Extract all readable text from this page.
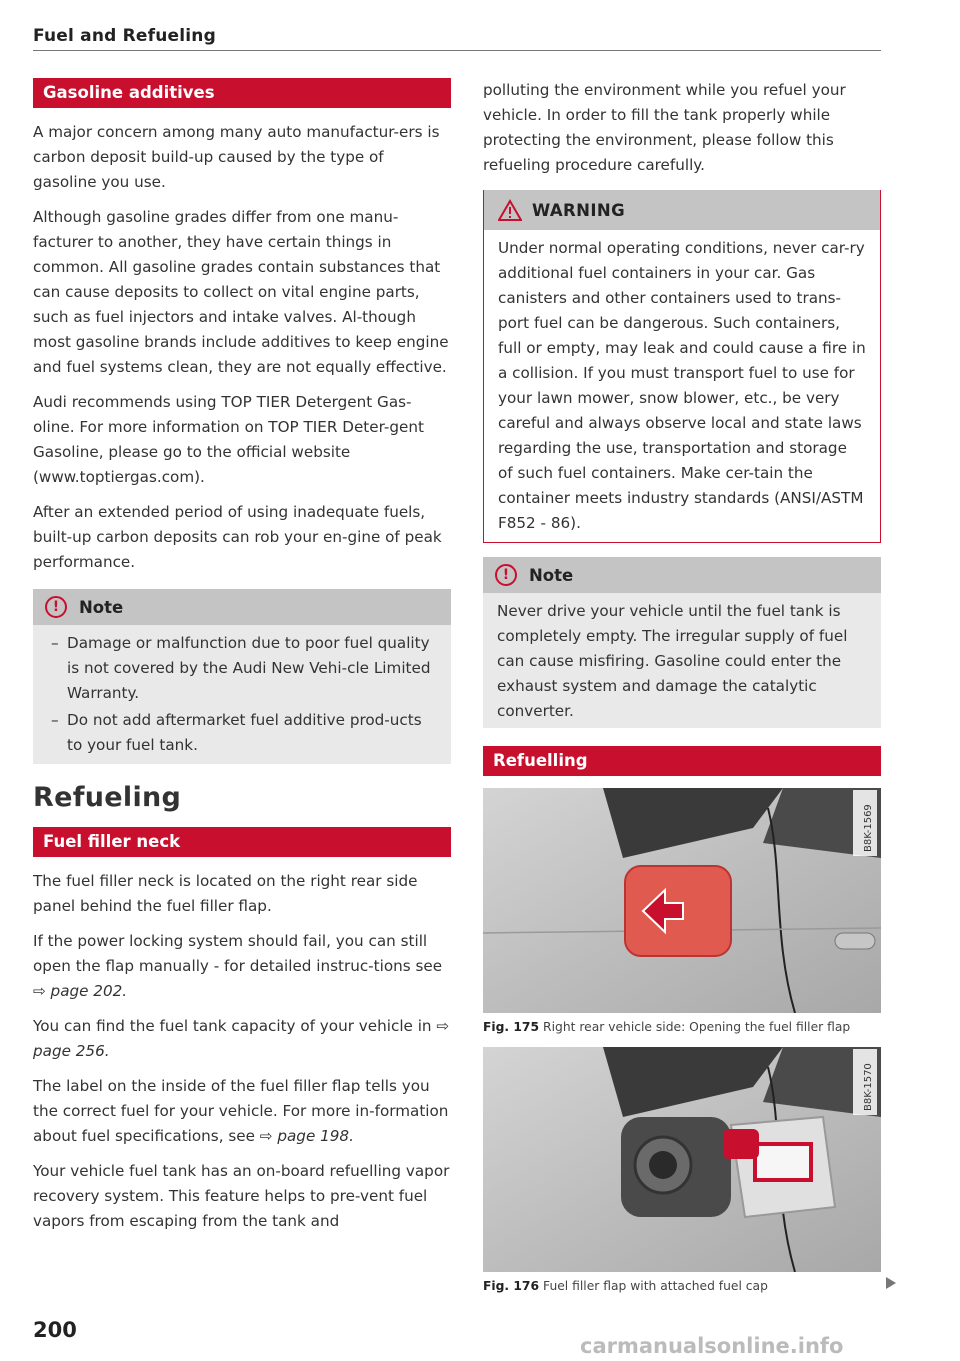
Fuel and Refueling
Gasoline additives

A major concern among many auto manufactur-ers is carbon deposit build-up caused by the type of gasoline you use.

Although gasoline grades differ from one manu-facturer to another, they have certain things in common. All gasoline grades contain substances that can cause deposits to collect on vital engine parts, such as fuel injectors and intake valves. Al-though most gasoline brands include additives to keep engine and fuel systems clean, they are not equally effective.

Audi recommends using TOP TIER Detergent Gas-oline. For more information on TOP TIER Deter-gent Gasoline, please go to the official website (www.toptiergas.com).

After an extended period of using inadequate fuels, built-up carbon deposits can rob your en-gine of peak performance.

!	Note
– Damage or malfunction due to poor fuel quality is not covered by the Audi New Vehi-cle Limited Warranty.
– Do not add aftermarket fuel additive prod-ucts to your fuel tank.
Refueling
Fuel filler neck

The fuel filler neck is located on the right rear side panel behind the fuel filler flap.

If the power locking system should fail, you can still open the flap manually - for detailed instruc-tions see ⇨ page 202.

You can find the fuel tank capacity of your vehicle in ⇨ page 256.

The label on the inside of the fuel filler flap tells you the correct fuel for your vehicle. For more in-formation about fuel specifications, see ⇨ page 198.

Your vehicle fuel tank has an on-board refuelling vapor recovery system. This feature helps to pre-vent fuel vapors from escaping from the tank and

polluting the environment while you refuel your vehicle. In order to fill the tank properly while protecting the environment, please follow this refueling procedure carefully.

WARNING

Under normal operating conditions, never car-ry additional fuel containers in your car. Gas canisters and other containers used to trans-port fuel can be dangerous. Such containers, full or empty, may leak and could cause a fire in a collision. If you must transport fuel to use for your lawn mower, snow blower, etc., be very careful and always observe local and state laws regarding the use, transportation and storage of such fuel containers. Make cer-tain the container meets industry standards (ANSI/ASTM F852 - 86).

!	Note

Never drive your vehicle until the fuel tank is completely empty. The irregular supply of fuel can cause misfiring. Gasoline could enter the exhaust system and damage the catalytic converter.

Refuelling
B8K-1569
Fig. 175 Right rear vehicle side: Opening the fuel filler flap
B8K-1570
Fig. 176 Fuel filler flap with attached fuel cap
200
carmanualsonline.info
